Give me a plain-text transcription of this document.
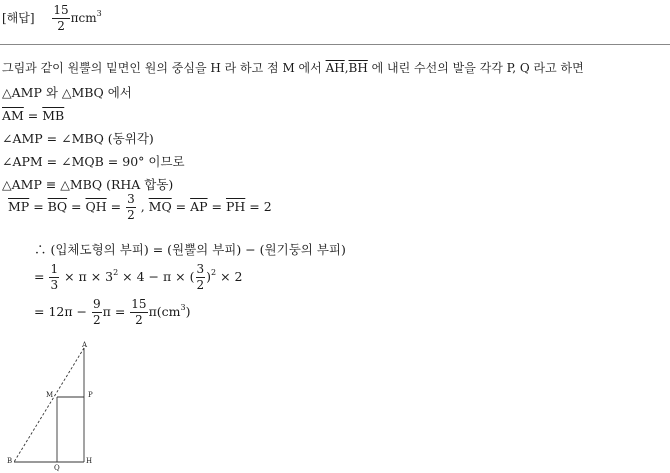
[해답] $\frac{15}{2} \pi cm^3$
그림과 같이 원뿔의 밑면인 원의 중심을 H 라 하고 점 M 에서 $\overline{AH},\overline{BH}$ 에 내린 수선의 발을 각각 P, Q 라고 하면
△AMP 와 △MBQ 에서
$\overline{AM} = \overline{MB}$
∠AMP = ∠MBQ (동위각)
∠APM = ∠MQB = 90° 이므로
△AMP ≡ △MBQ (RHA 합동)
$\overline{MP} = \overline{BQ} = \overline{QH} = \frac{3}{2}$ , $\overline{MQ} = \overline{AP} = \overline{PH} = 2$
∴ (입체도형의 부피) = (원뿔의 부피) − (원기둥의 부피)
= $\frac{1}{3} \times \pi \times 3^2 \times 4 - \pi$ × ( $\frac{3}{2} )^2 \times 2$
= $12\pi - \frac{9}{2}$ $\pi = \frac{15}{2} \pi(cm^3)$
A
M	P
B
Q
H
